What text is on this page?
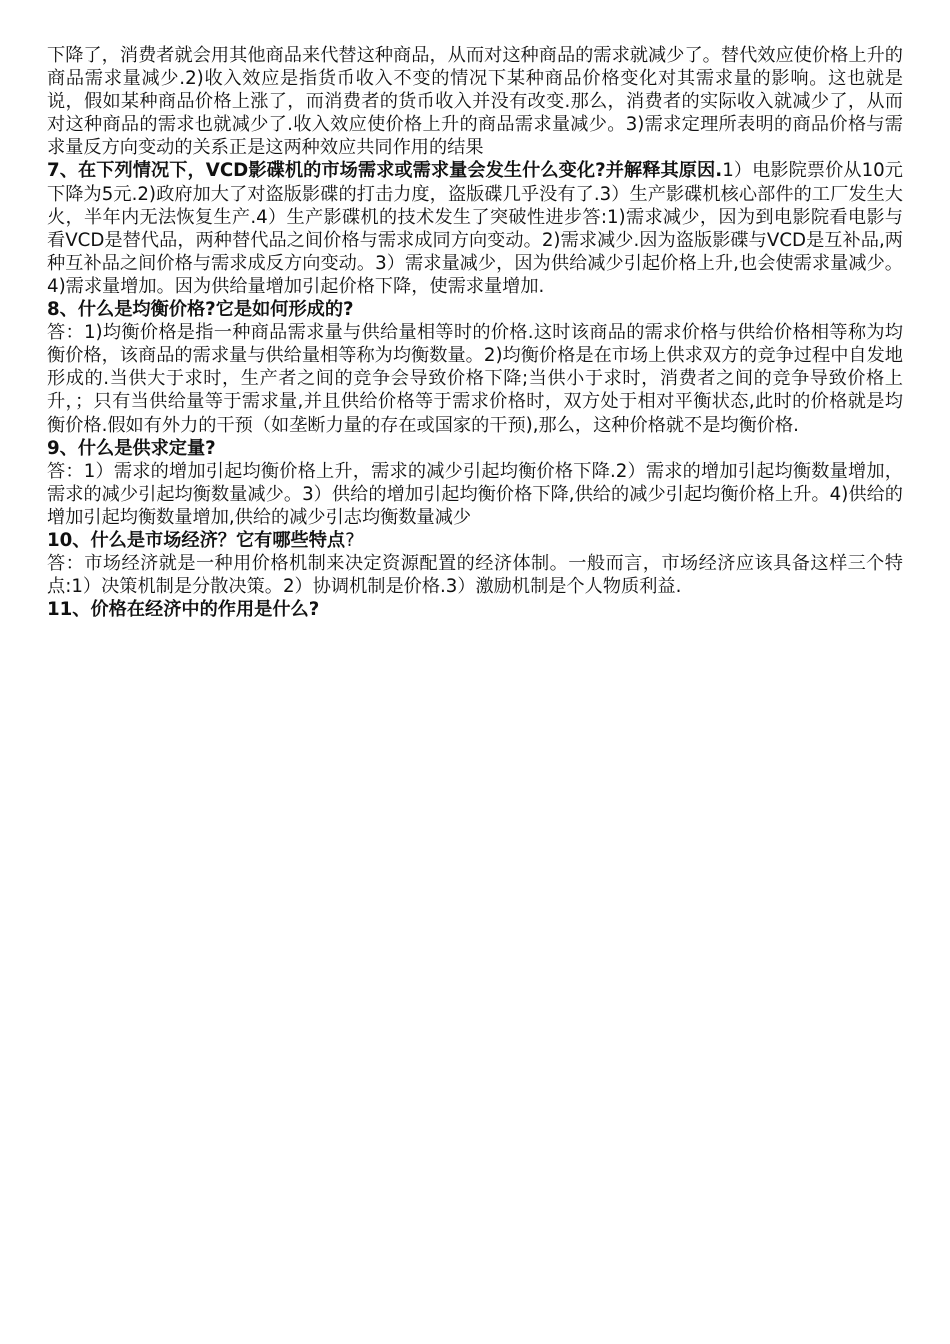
下降了，消费者就会用其他商品来代替这种商品，从而对这种商品的需求就减少了。替代效应使价格上升的商品需求量减少.2)收入效应是指货币收入不变的情况下某种商品价格变化对其需求量的影响。这也就是说，假如某种商品价格上涨了，而消费者的货币收入并没有改变.那么，消费者的实际收入就减少了，从而对这种商品的需求也就减少了.收入效应使价格上升的商品需求量减少。3)需求定理所表明的商品价格与需求量反方向变动的关系正是这两种效应共同作用的结果

7、在下列情况下，VCD影碟机的市场需求或需求量会发生什么变化?并解释其原因.1）电影院票价从10元下降为5元.2)政府加大了对盗版影碟的打击力度，盗版碟几乎没有了.3）生产影碟机核心部件的工厂发生大火，半年内无法恢复生产.4）生产影碟机的技术发生了突破性进步答:1)需求减少，因为到电影院看电影与看VCD是替代品，两种替代品之间价格与需求成同方向变动。2)需求减少.因为盗版影碟与VCD是互补品,两种互补品之间价格与需求成反方向变动。3）需求量减少，因为供给减少引起价格上升,也会使需求量减少。4)需求量增加。因为供给量增加引起价格下降，使需求量增加.

8、什么是均衡价格?它是如何形成的?

答：1)均衡价格是指一种商品需求量与供给量相等时的价格.这时该商品的需求价格与供给价格相等称为均衡价格，该商品的需求量与供给量相等称为均衡数量。2)均衡价格是在市场上供求双方的竞争过程中自发地形成的.当供大于求时，生产者之间的竞争会导致价格下降;当供小于求时，消费者之间的竞争导致价格上升，；只有当供给量等于需求量,并且供给价格等于需求价格时，双方处于相对平衡状态,此时的价格就是均衡价格.假如有外力的干预（如垄断力量的存在或国家的干预),那么，这种价格就不是均衡价格.

9、什么是供求定量?

答：1）需求的增加引起均衡价格上升，需求的减少引起均衡价格下降.2）需求的增加引起均衡数量增加，需求的减少引起均衡数量减少。3）供给的增加引起均衡价格下降,供给的减少引起均衡价格上升。4)供给的增加引起均衡数量增加,供给的减少引志均衡数量减少

10、什么是市场经济？它有哪些特点?

答：市场经济就是一种用价格机制来决定资源配置的经济体制。一般而言，市场经济应该具备这样三个特点:1）决策机制是分散决策。2）协调机制是价格.3）激励机制是个人物质利益.

11、价格在经济中的作用是什么?
